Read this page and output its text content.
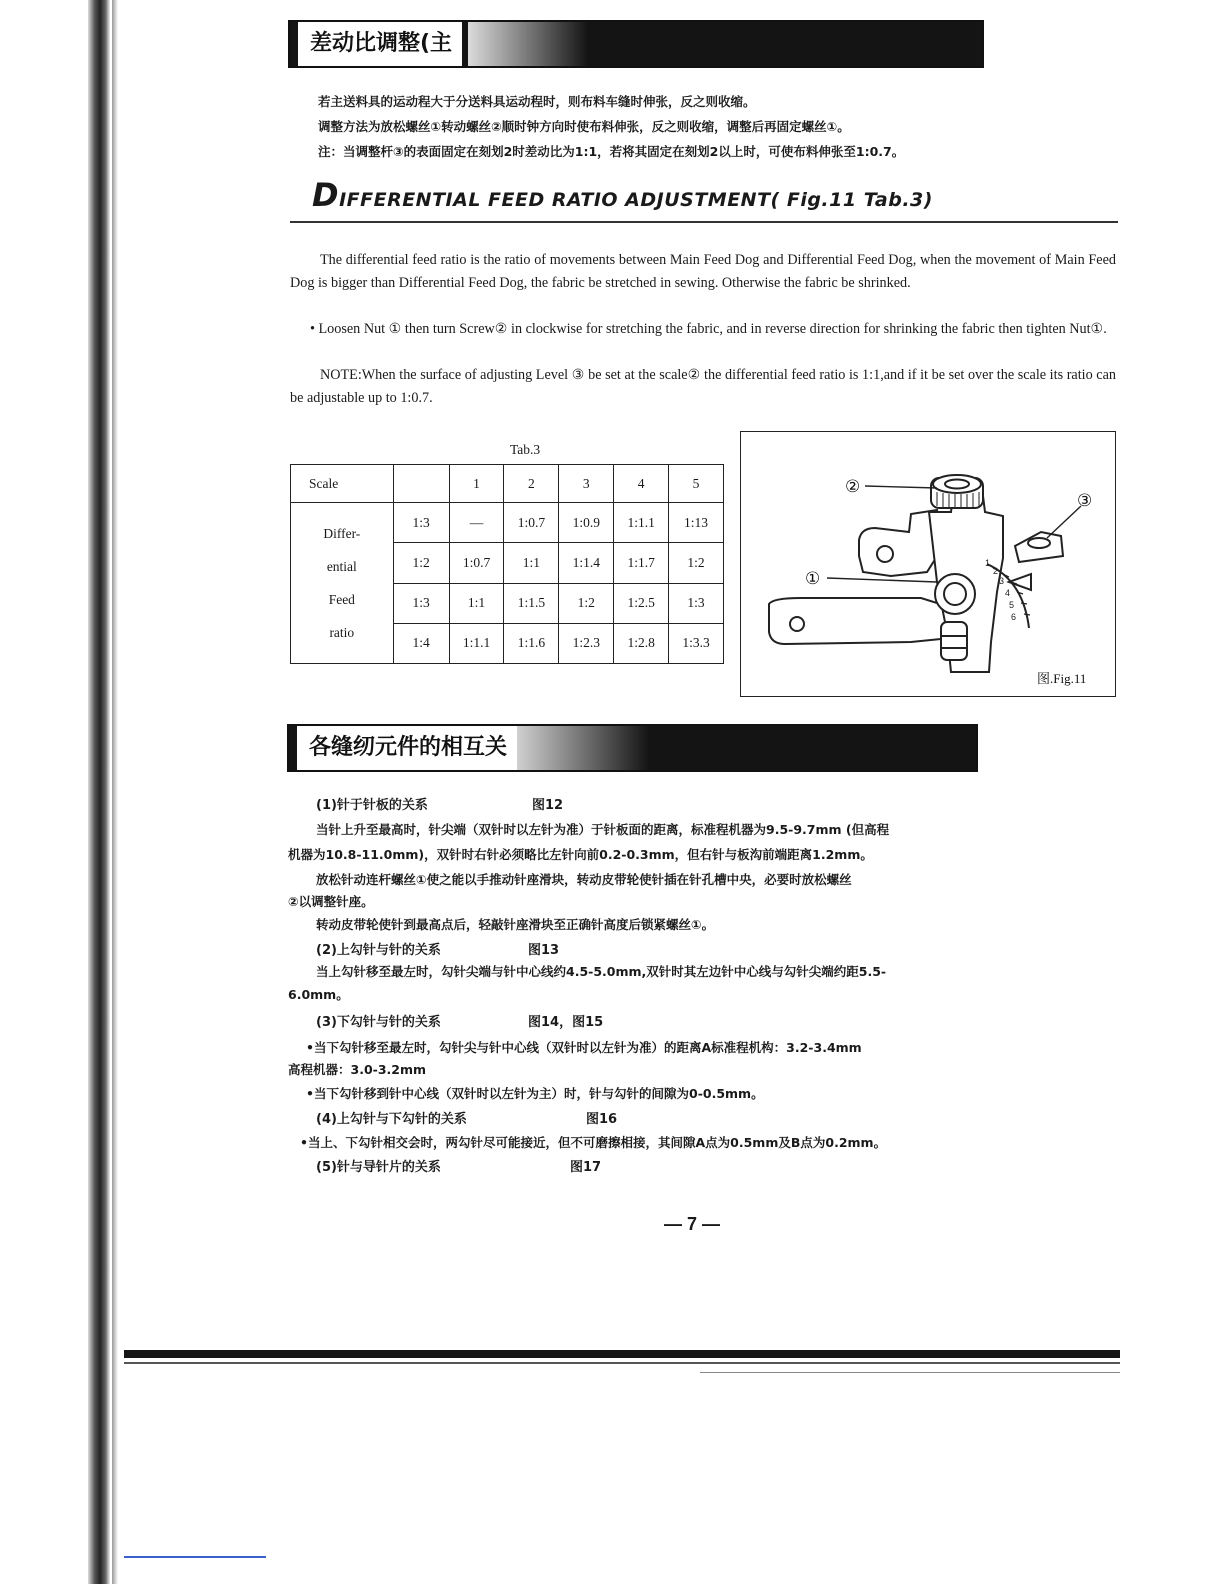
差动比调整(主
若主送料具的运动程大于分送料具运动程时，则布料车缝时伸张，反之则收缩。
调整方法为放松螺丝①转动螺丝②顺时钟方向时使布料伸张，反之则收缩，调整后再固定螺丝①。
注：当调整杆③的表面固定在刻划2时差动比为1:1，若将其固定在刻划2以上时，可使布料伸张至1:0.7。
DIFFERENTIAL FEED RATIO ADJUSTMENT( Fig.11 Tab.3)
The differential feed ratio is the ratio of movements between Main Feed Dog and Differential Feed Dog, when the movement of Main Feed Dog is bigger than Differential Feed Dog, the fabric be stretched in sewing. Otherwise the fabric be shrinked.
• Loosen Nut ① then turn Screw② in clockwise for stretching the fabric, and in reverse direction for shrinking the fabric then tighten Nut①.
NOTE:When the surface of adjusting Level ③ be set at the scale② the differential feed ratio is 1:1,and if it be set over the scale its ratio can be adjustable up to 1:0.7.
Tab.3
Scale		1	2	3	4	5

Differ-
ential
Feed
ratio	1:3	—	1:0.7	1:0.9	1:1.1	1:13
	1:2	1:0.7	1:1	1:1.4	1:1.7	1:2
	1:3	1:1	1:1.5	1:2	1:2.5	1:3
	1:4	1:1.1	1:1.6	1:2.3	1:2.8	1:3.3
1
2
3
4
5
6
②
③
①
图.Fig.11
各缝纫元件的相互关
(1)针于针板的关系	图12
当针上升至最高时，针尖端（双针时以左针为准）于针板面的距离，标准程机器为9.5-9.7mm (但高程
机器为10.8-11.0mm)，双针时右针必须略比左针向前0.2-0.3mm，但右针与板沟前端距离1.2mm。
放松针动连杆螺丝①使之能以手推动针座滑块，转动皮带轮使针插在针孔槽中央，必要时放松螺丝
②以调整针座。
转动皮带轮使针到最高点后，轻敲针座滑块至正确针高度后锁紧螺丝①。
(2)上勾针与针的关系	图13
当上勾针移至最左时，勾针尖端与针中心线约4.5-5.0mm,双针时其左边针中心线与勾针尖端约距5.5-
6.0mm。
(3)下勾针与针的关系	图14，图15
•当下勾针移至最左时，勾针尖与针中心线（双针时以左针为准）的距离A标准程机构：3.2-3.4mm
高程机器：3.0-3.2mm
•当下勾针移到针中心线（双针时以左针为主）时，针与勾针的间隙为0-0.5mm。
(4)上勾针与下勾针的关系	图16
•当上、下勾针相交会时，两勾针尽可能接近，但不可磨擦相接，其间隙A点为0.5mm及B点为0.2mm。
(5)针与导针片的关系	图17
— 7 —
